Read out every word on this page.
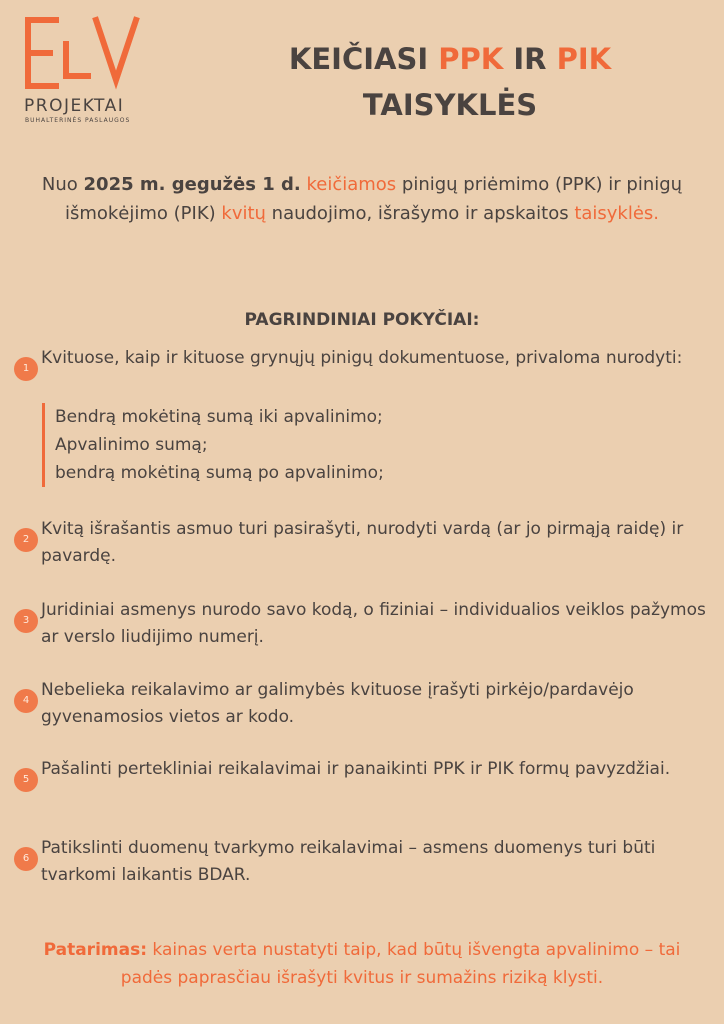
PROJEKTAI
BUHALTERINĖS PASLAUGOS
KEIČIASI PPK IR PIK
TAISYKLĖS

Nuo 2025 m. gegužės 1 d. keičiamos pinigų priėmimo (PPK) ir pinigų išmokėjimo (PIK) kvitų naudojimo, išrašymo ir apskaitos taisyklės.

PAGRINDINIAI POKYČIAI:
1
Kvituose, kaip ir kituose grynųjų pinigų dokumentuose, privaloma nurodyti:
Bendrą mokėtiną sumą iki apvalinimo;
Apvalinimo sumą;
bendrą mokėtiną sumą po apvalinimo;
2
Kvitą išrašantis asmuo turi pasirašyti, nurodyti vardą (ar jo pirmąją raidę) ir pavardę.
3
Juridiniai asmenys nurodo savo kodą, o fiziniai – individualios veiklos pažymos ar verslo liudijimo numerį.
4
Nebelieka reikalavimo ar galimybės kvituose įrašyti pirkėjo/pardavėjo gyvenamosios vietos ar kodo.
5
Pašalinti pertekliniai reikalavimai ir panaikinti PPK ir PIK formų pavyzdžiai.
6
Patikslinti duomenų tvarkymo reikalavimai – asmens duomenys turi būti tvarkomi laikantis BDAR.

Patarimas: kainas verta nustatyti taip, kad būtų išvengta apvalinimo – tai padės paprasčiau išrašyti kvitus ir sumažins riziką klysti.
